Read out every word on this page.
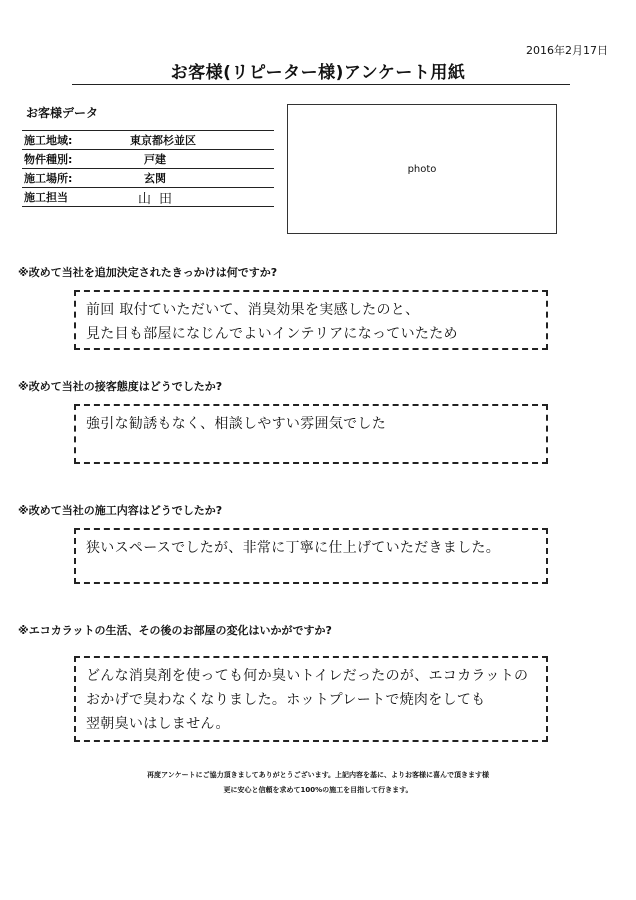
2016年2月17日
お客様(リピーター様)アンケート用紙
お客様データ
施工地域:	東京都杉並区
物件種別:	戸建
施工場所:	玄関
施工担当	山田
photo
※改めて当社を追加決定されたきっかけは何ですか?
前回 取付ていただいて、消臭効果を実感したのと、
見た目も部屋になじんでよいインテリアになっていたため
※改めて当社の接客態度はどうでしたか?
強引な勧誘もなく、相談しやすい雰囲気でした
※改めて当社の施工内容はどうでしたか?
狭いスペースでしたが、非常に丁寧に仕上げていただきました。
※エコカラットの生活、その後のお部屋の変化はいかがですか?
どんな消臭剤を使っても何か臭いトイレだったのが、エコカラットの
おかげで臭わなくなりました。ホットプレートで焼肉をしても
翌朝臭いはしません。
再度アンケートにご協力頂きましてありがとうございます。上記内容を基に、よりお客様に喜んで頂きます様
更に安心と信頼を求めて100%の施工を目指して行きます。
